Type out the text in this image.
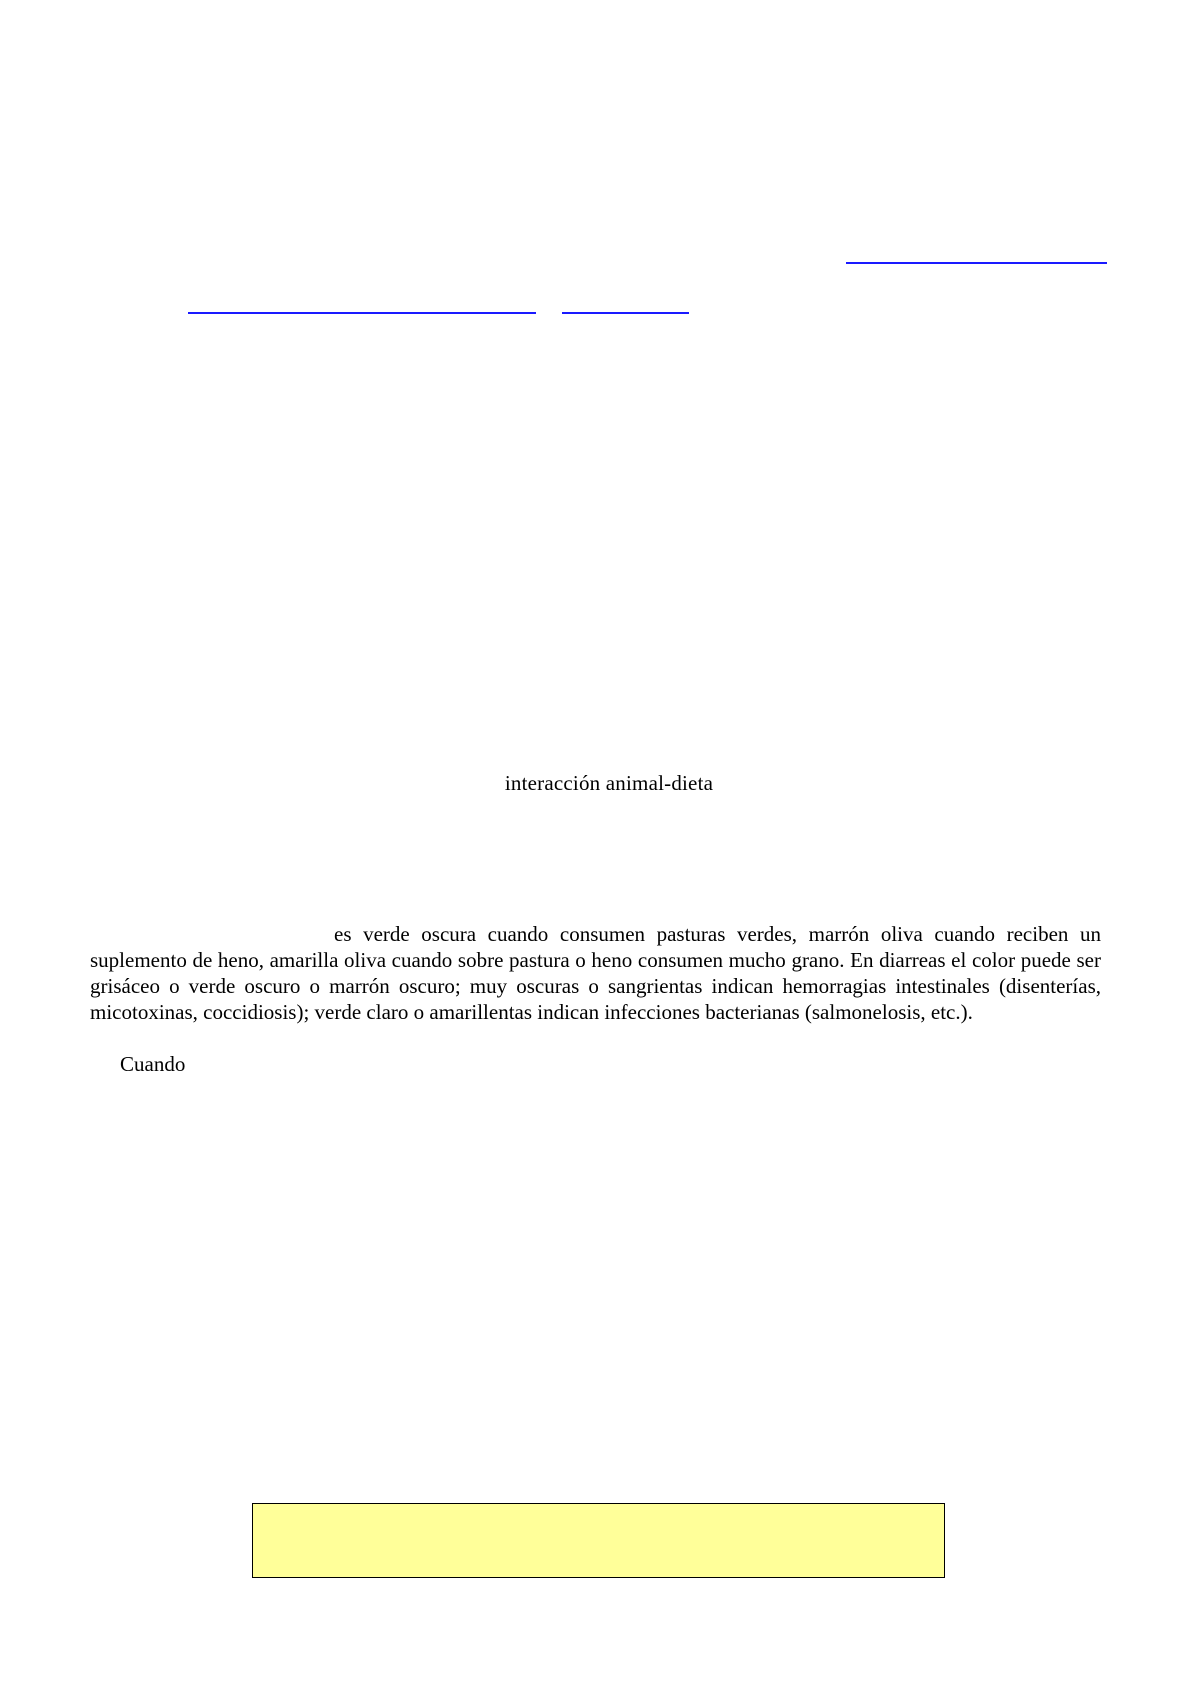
interacción animal-dieta

es verde oscura cuando consumen pasturas verdes, marrón oliva cuando reciben un suplemento de heno, amarilla oliva cuando sobre pastura o heno consumen mucho grano. En diarreas el color puede ser grisáceo o verde oscuro o marrón oscuro; muy oscuras o sangrientas indican hemorragias intestinales (disenterías, micotoxinas, coccidiosis); verde claro o amarillentas indican infecciones bacterianas (salmonelosis, etc.).

Cuando
